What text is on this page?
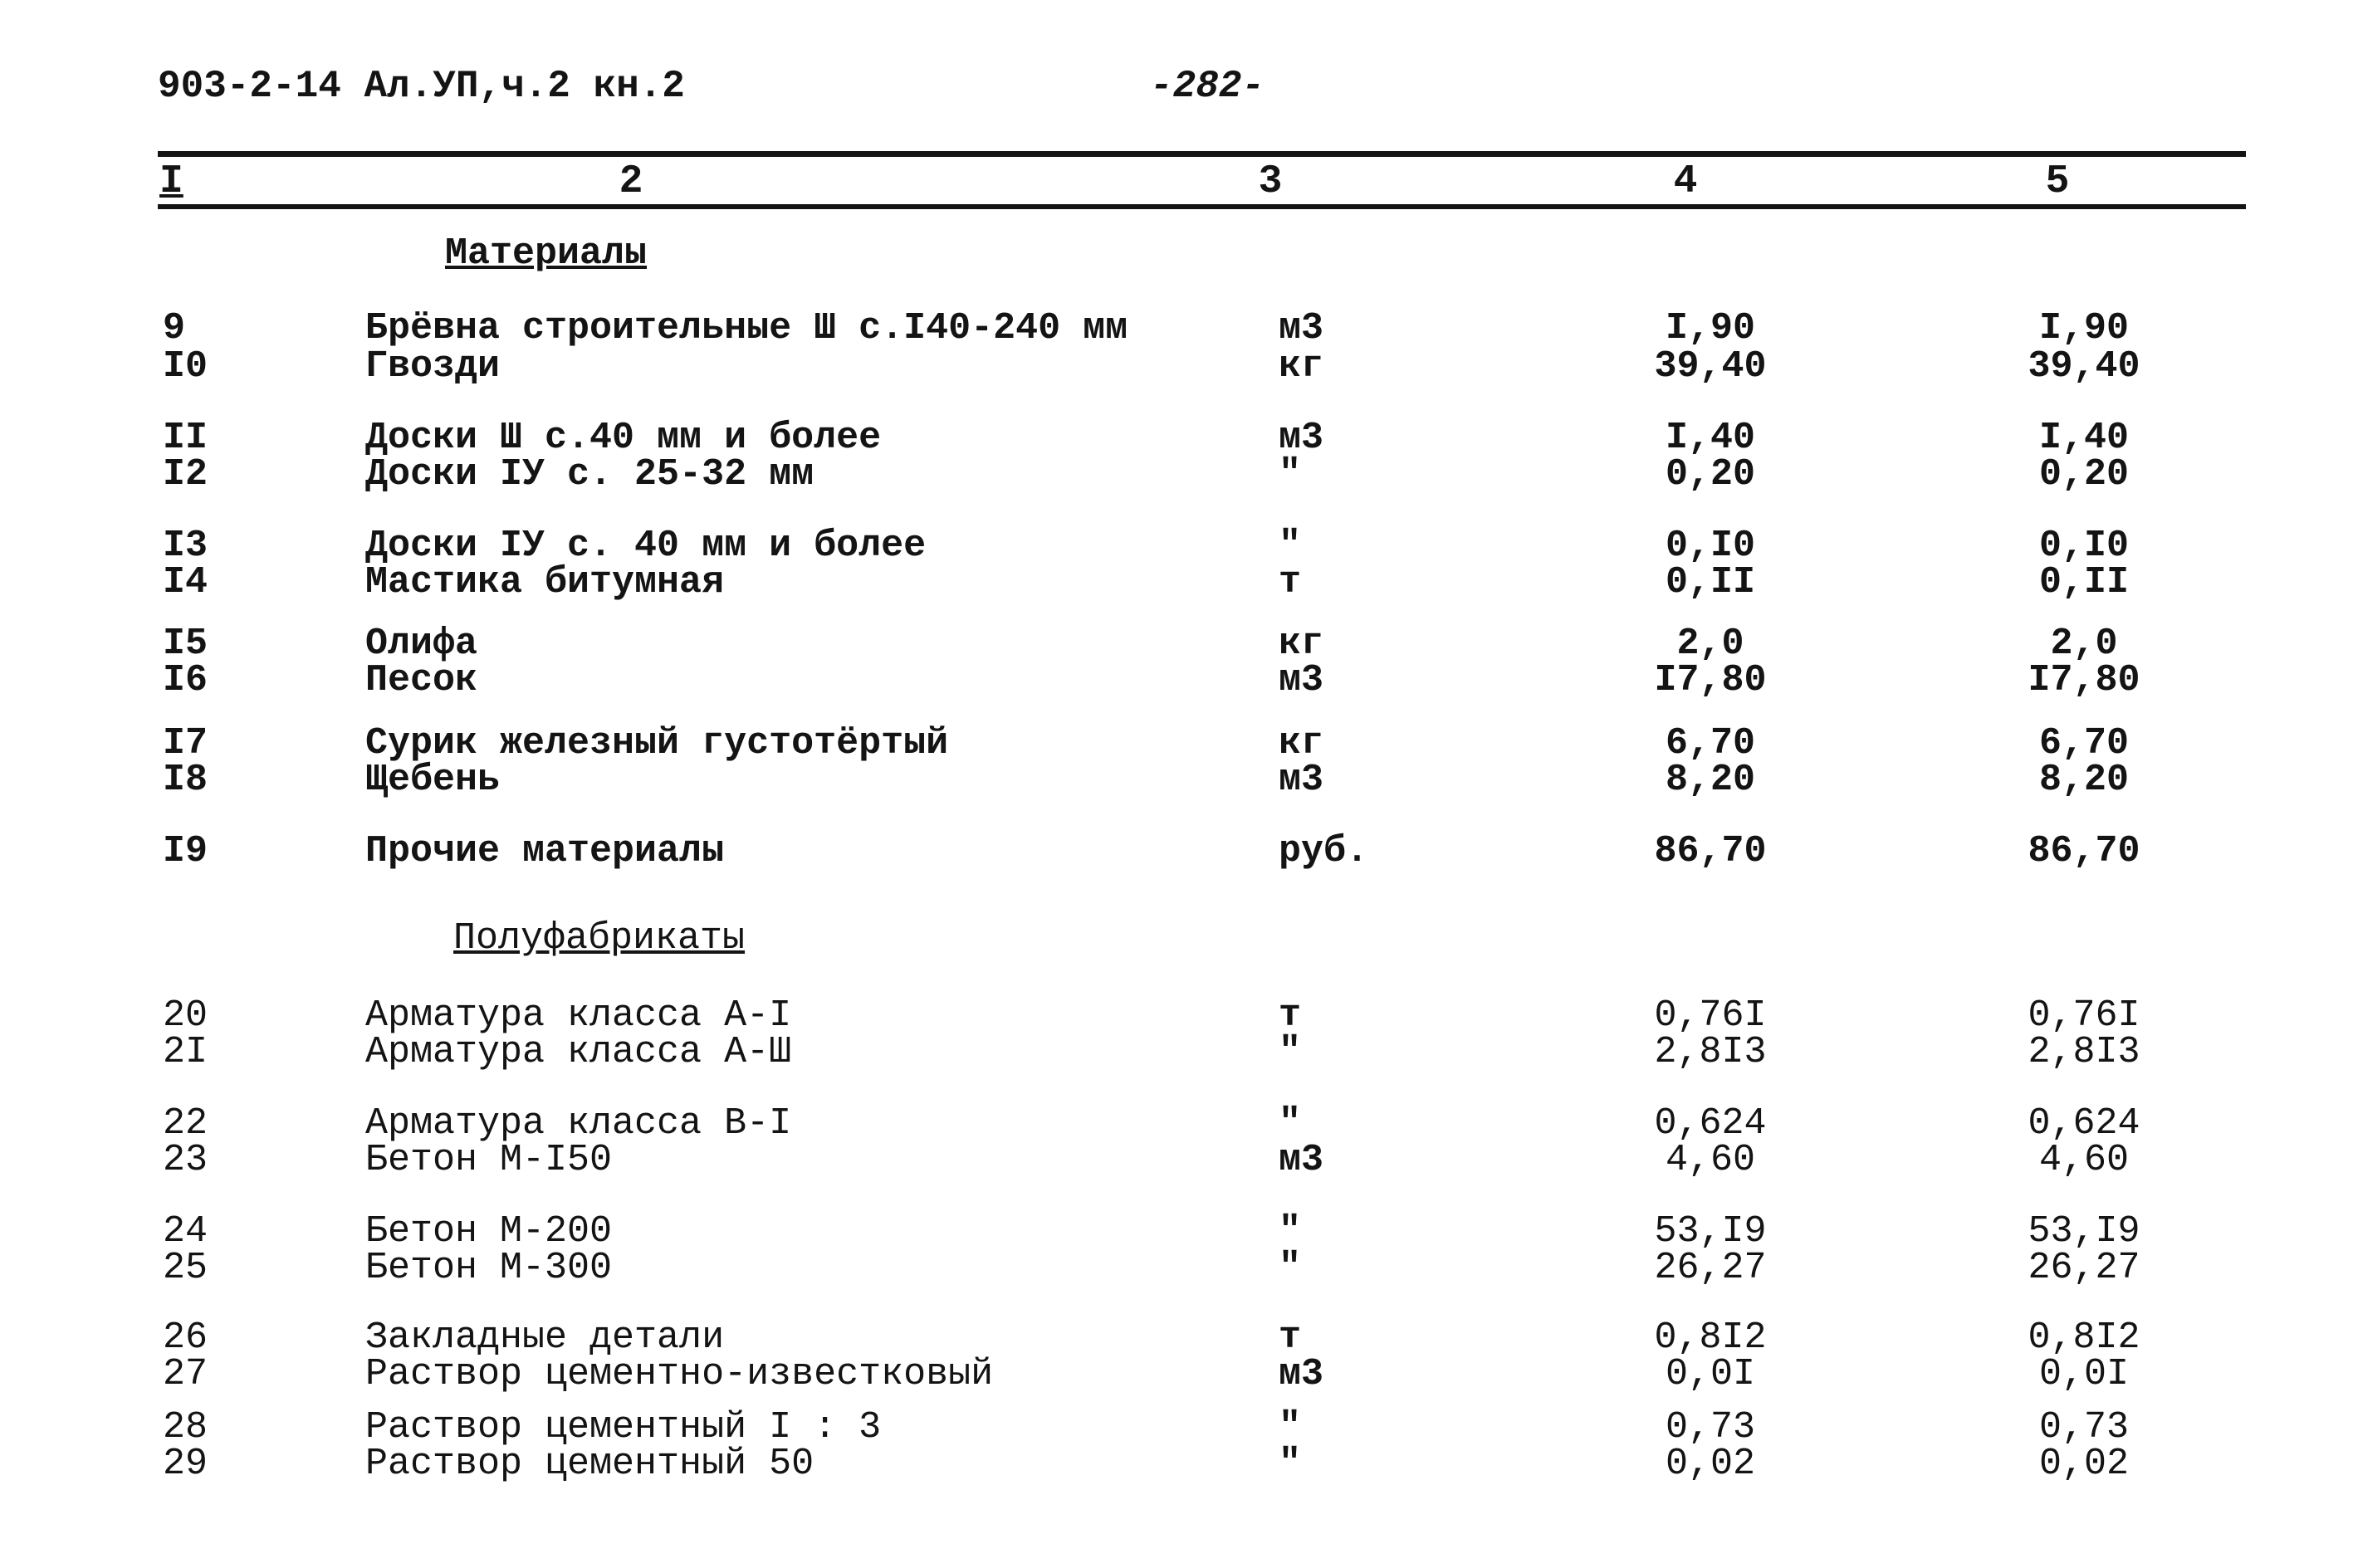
903-2-14 Ал.УП,ч.2 кн.2	-282-
I	2	3	4	5
Материалы
Полуфабрикаты
9	Брёвна строительные Ш с.I40-240 мм	м3	I,90	I,90
I0	Гвозди	кг	39,40	39,40
II	Доски Ш с.40 мм и более	м3	I,40	I,40
I2	Доски IУ с. 25-32 мм	"	0,20	0,20
I3	Доски IУ с. 40 мм и более	"	0,I0	0,I0
I4	Мастика битумная	т	0,II	0,II
I5	Олифа	кг	2,0	2,0
I6	Песок	м3	I7,80	I7,80
I7	Сурик железный густотёртый	кг	6,70	6,70
I8	Щебень	м3	8,20	8,20
I9	Прочие материалы	руб.	86,70	86,70
20	Арматура класса А-I	т	0,76I	0,76I
2I	Арматура класса А-Ш	"	2,8I3	2,8I3
22	Арматура класса В-I	"	0,624	0,624
23	Бетон М-I50	м3	4,60	4,60
24	Бетон М-200	"	53,I9	53,I9
25	Бетон М-300	"	26,27	26,27
26	Закладные детали	т	0,8I2	0,8I2
27	Раствор цементно-известковый	м3	0,0I	0,0I
28	Раствор цементный I : 3	"	0,73	0,73
29	Раствор цементный 50	"	0,02	0,02
